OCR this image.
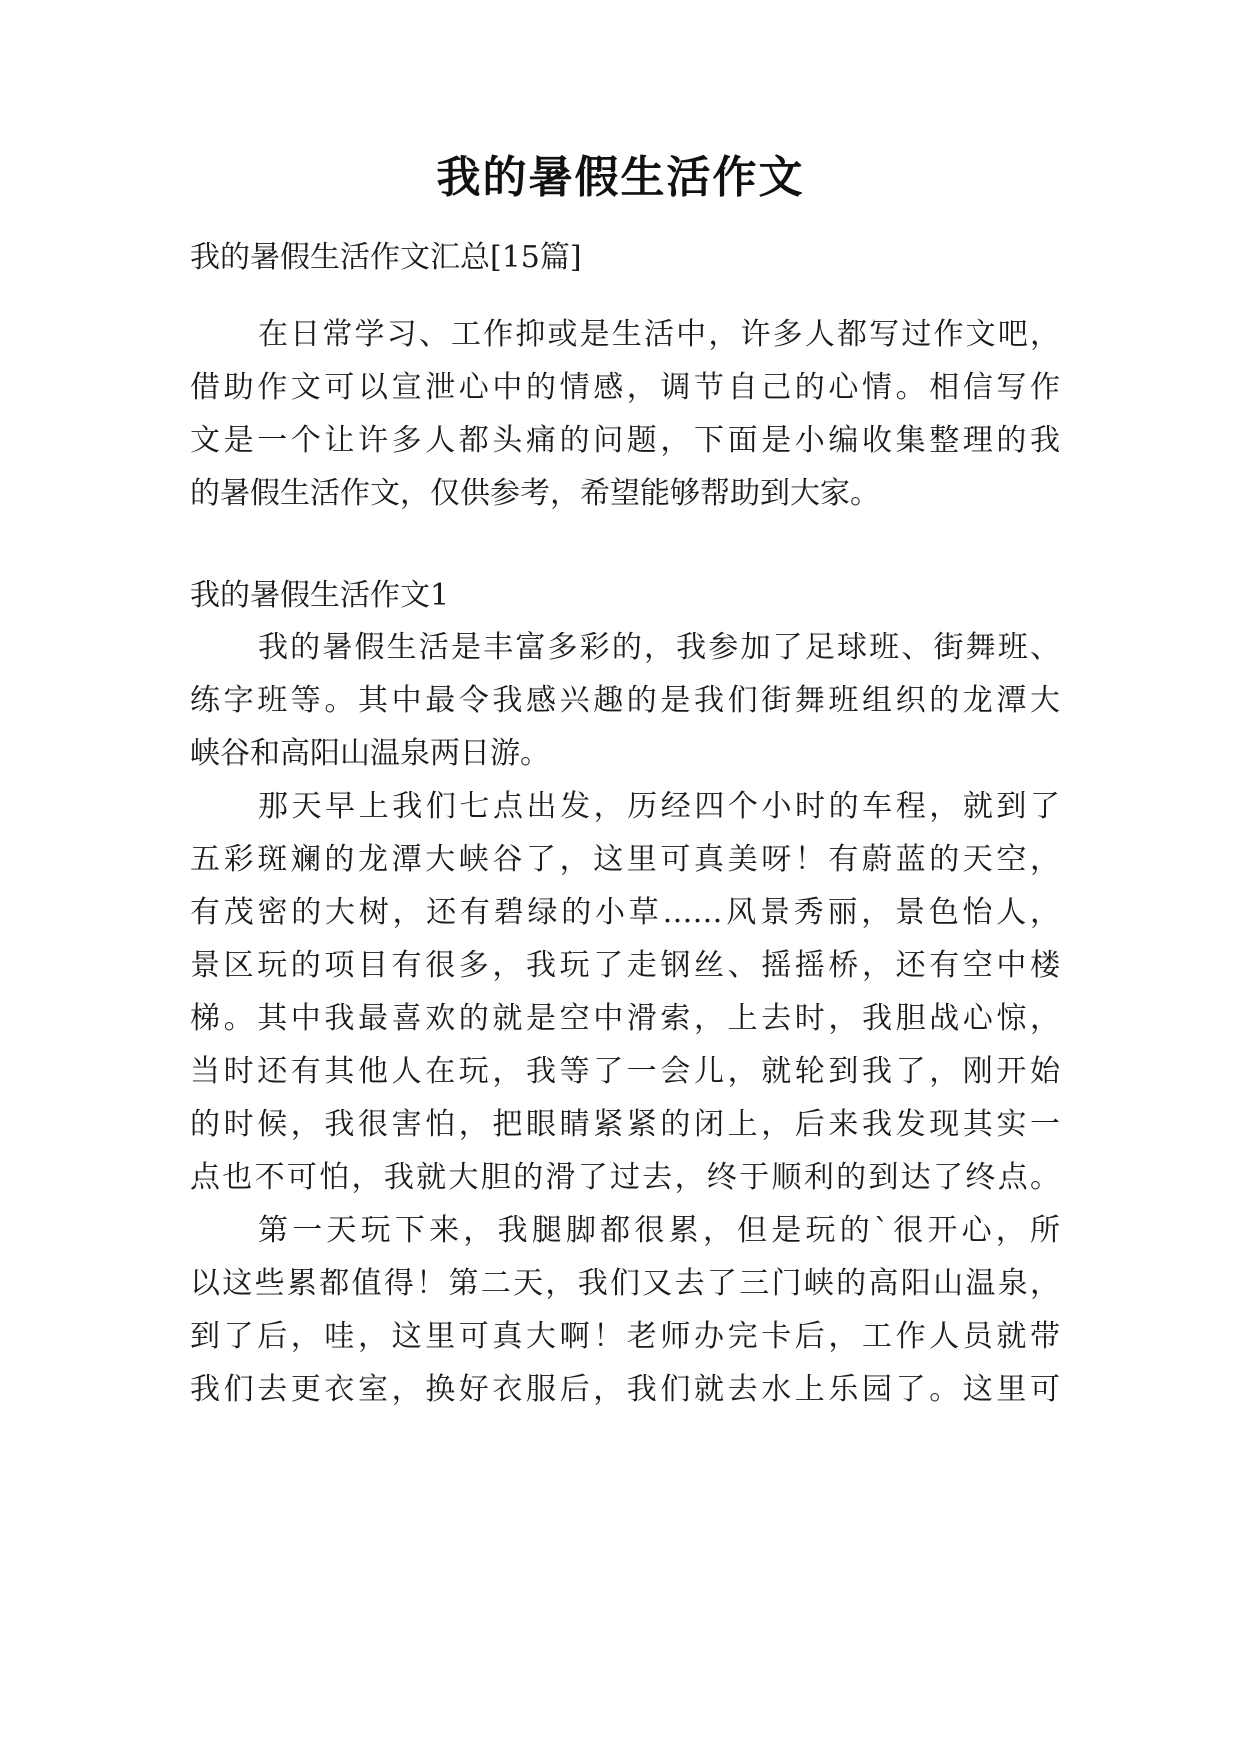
我的暑假生活作文
我的暑假生活作文汇总[15篇]
在日常学习、工作抑或是生活中，许多人都写过作文吧，
借助作文可以宣泄心中的情感，调节自己的心情。相信写作
文是一个让许多人都头痛的问题，下面是小编收集整理的我
的暑假生活作文，仅供参考，希望能够帮助到大家。
我的暑假生活作文1
我的暑假生活是丰富多彩的，我参加了足球班、街舞班、
练字班等。其中最令我感兴趣的是我们街舞班组织的龙潭大
峡谷和高阳山温泉两日游。
那天早上我们七点出发，历经四个小时的车程，就到了
五彩斑斓的龙潭大峡谷了，这里可真美呀！有蔚蓝的天空，
有茂密的大树，还有碧绿的小草……风景秀丽，景色怡人，
景区玩的项目有很多，我玩了走钢丝、摇摇桥，还有空中楼
梯。其中我最喜欢的就是空中滑索，上去时，我胆战心惊，
当时还有其他人在玩，我等了一会儿，就轮到我了，刚开始
的时候，我很害怕，把眼睛紧紧的闭上，后来我发现其实一
点也不可怕，我就大胆的滑了过去，终于顺利的到达了终点。
第一天玩下来，我腿脚都很累，但是玩的`很开心，所
以这些累都值得！第二天，我们又去了三门峡的高阳山温泉，
到了后，哇，这里可真大啊！老师办完卡后，工作人员就带
我们去更衣室，换好衣服后，我们就去水上乐园了。这里可
